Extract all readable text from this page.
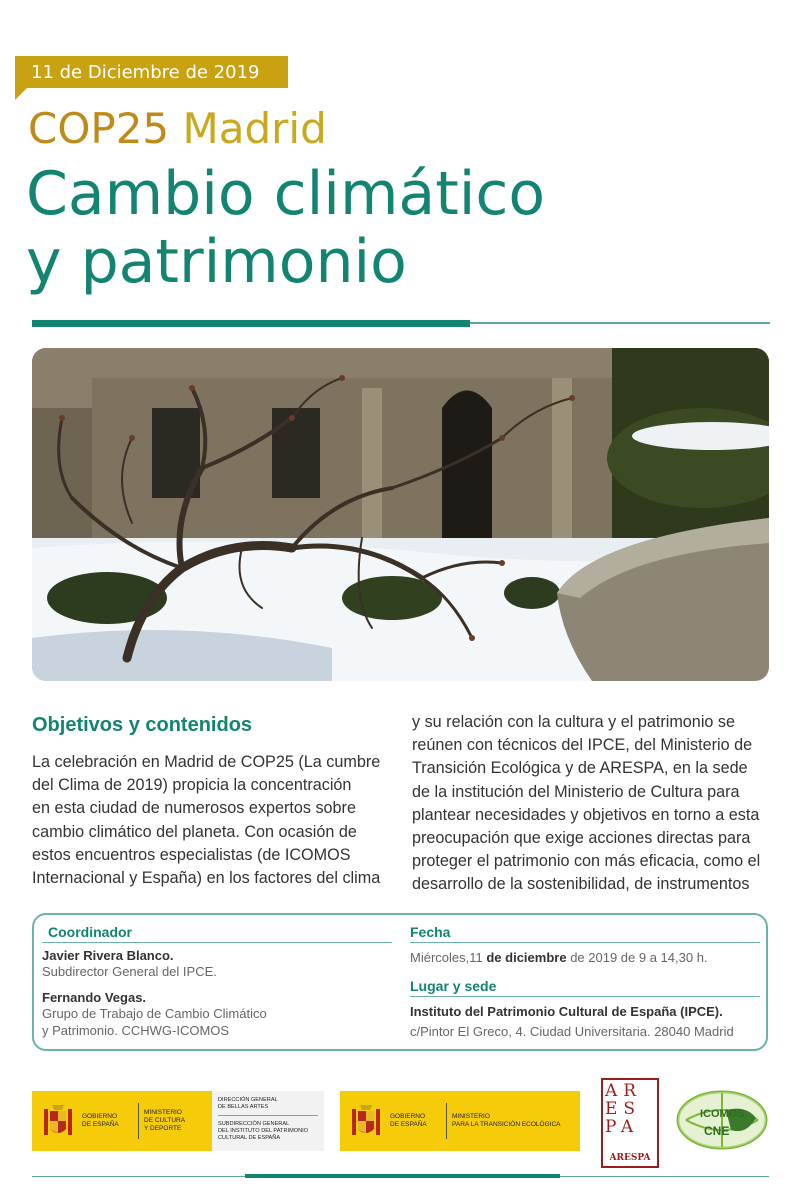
11 de Diciembre de 2019
COP25 Madrid
Cambio climático
y patrimonio
Objetivos y contenidos
La celebración en Madrid de COP25 (La cumbre
del Clima de 2019) propicia la concentración
en esta ciudad de numerosos expertos sobre
cambio climático del planeta. Con ocasión de
estos encuentros especialistas (de ICOMOS
Internacional y España) en los factores del clima
y su relación con la cultura y el patrimonio se
reúnen con técnicos del IPCE, del Ministerio de
Transición Ecológica y de ARESPA, en la sede
de la institución del Ministerio de Cultura para
plantear necesidades y objetivos en torno a esta
preocupación que exige acciones directas para
proteger el patrimonio con más eficacia, como el
desarrollo de la sostenibilidad, de instrumentos
Coordinador
Javier Rivera Blanco.
Subdirector General del IPCE.
Fernando Vegas.
Grupo de Trabajo de Cambio Climático
y Patrimonio. CCHWG-ICOMOS
Fecha
Miércoles,11 de diciembre de 2019 de 9 a 14,30 h.
Lugar y sede
Instituto del Patrimonio Cultural de España (IPCE).
c/Pintor El Greco, 4. Ciudad Universitaria. 28040 Madrid
GOBIERNO
DE ESPAÑA
MINISTERIO
DE CULTURA
Y DEPORTE
DIRECCIÓN GENERAL
DE BELLAS ARTES
SUBDIRECCIÓN GENERAL
DEL INSTITUTO DEL PATRIMONIO
CULTURAL DE ESPAÑA
GOBIERNO
DE ESPAÑA
MINISTERIO
PARA LA TRANSICIÓN ECOLÓGICA
AR
ES
PA
ARESPA
ICOMOS
CNE
